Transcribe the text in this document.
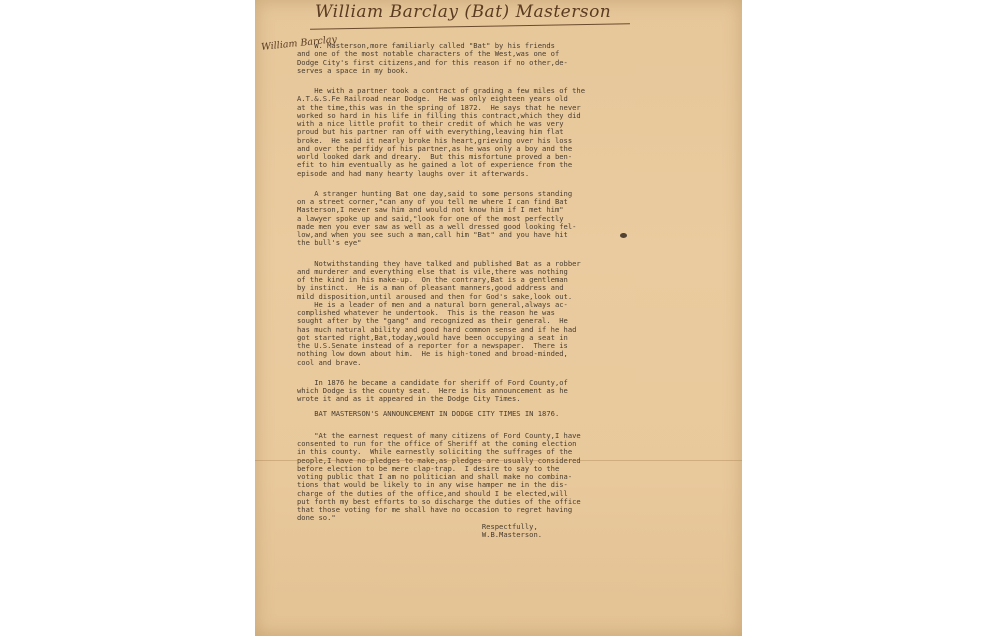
William Barclay (Bat) Masterson
William Barclay
W. Masterson,more familiarly called "Bat" by his friends
and one of the most notable characters of the West,was one of
Dodge City's first citizens,and for this reason if no other,de-
serves a space in my book.
He with a partner took a contract of grading a few miles of the
A.T.&.S.Fe Railroad near Dodge.  He was only eighteen years old
at the time,this was in the spring of 1872.  He says that he never
worked so hard in his life in filling this contract,which they did
with a nice little profit to their credit of which he was very
proud but his partner ran off with everything,leaving him flat
broke.  He said it nearly broke his heart,grieving over his loss
and over the perfidy of his partner,as he was only a boy and the
world looked dark and dreary.  But this misfortune proved a ben-
efit to him eventually as he gained a lot of experience from the
episode and had many hearty laughs over it afterwards.
A stranger hunting Bat one day,said to some persons standing
on a street corner,"can any of you tell me where I can find Bat
Masterson,I never saw him and would not know him if I met him"
a lawyer spoke up and said,"look for one of the most perfectly
made men you ever saw as well as a well dressed good looking fel-
low,and when you see such a man,call him "Bat" and you have hit
the bull's eye"
Notwithstanding they have talked and published Bat as a robber
and murderer and everything else that is vile,there was nothing
of the kind in his make-up.  On the contrary,Bat is a gentleman
by instinct.  He is a man of pleasant manners,good address and
mild disposition,until aroused and then for God's sake,look out.
He is a leader of men and a natural born general,always ac-
complished whatever he undertook.  This is the reason he was
sought after by the "gang" and recognized as their general.  He
has much natural ability and good hard common sense and if he had
got started right,Bat,today,would have been occupying a seat in
the U.S.Senate instead of a reporter for a newspaper.  There is
nothing low down about him.  He is high-toned and broad-minded,
cool and brave.
In 1876 he became a candidate for sheriff of Ford County,of
which Dodge is the county seat.  Here is his announcement as he
wrote it and as it appeared in the Dodge City Times.
BAT MASTERSON'S ANNOUNCEMENT IN DODGE CITY TIMES IN 1876.
"At the earnest request of many citizens of Ford County,I have
consented to run for the office of Sheriff at the coming election
in this county.  While earnestly soliciting the suffrages of the
people,I have no pledges to make,as pledges are usually considered
before election to be mere clap-trap.  I desire to say to the
voting public that I am no politician and shall make no combina-
tions that would be likely to in any wise hamper me in the dis-
charge of the duties of the office,and should I be elected,will
put forth my best efforts to so discharge the duties of the office
that those voting for me shall have no occasion to regret having
done so."
Respectfully,
W.B.Masterson.
